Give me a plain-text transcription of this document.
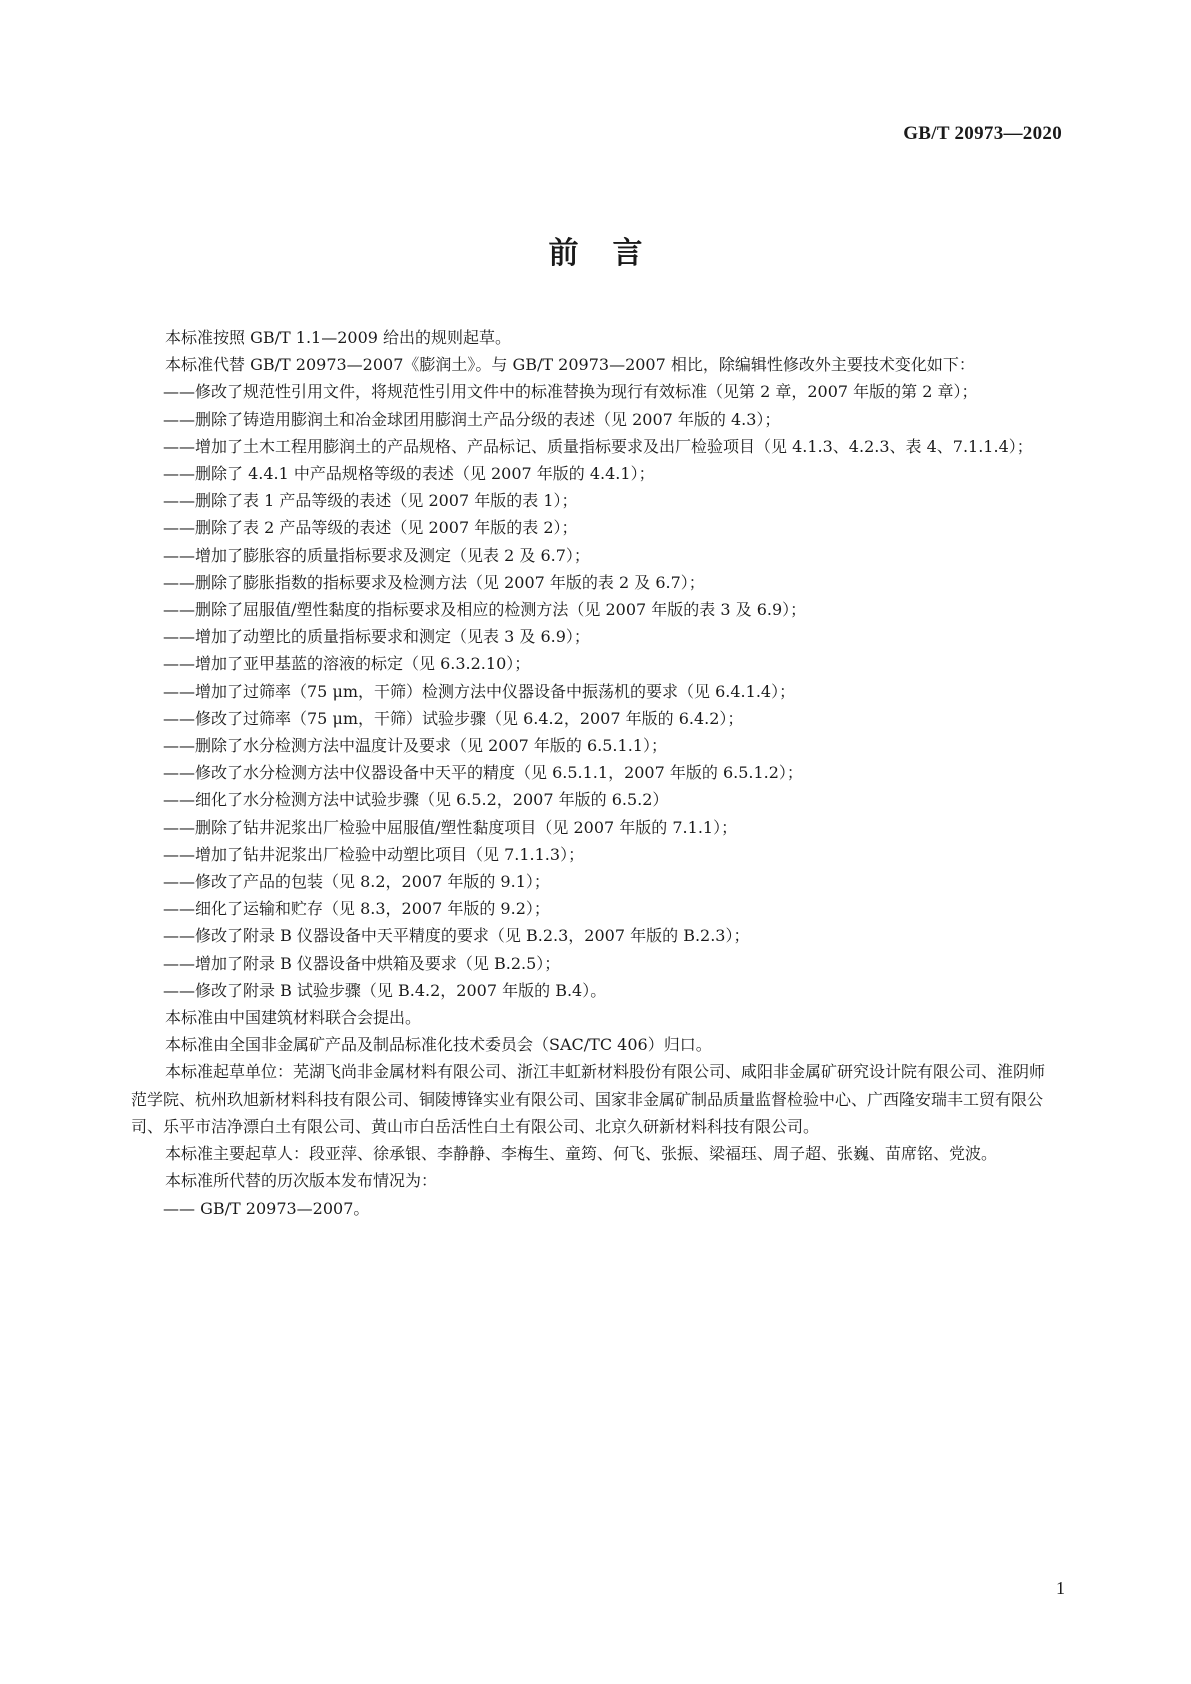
GB/T 20973—2020
前言

本标准按照 GB/T 1.1—2009 给出的规则起草。

本标准代替 GB/T 20973—2007《膨润土》。与 GB/T 20973—2007 相比，除编辑性修改外主要技术变化如下：

——修改了规范性引用文件，将规范性引用文件中的标准替换为现行有效标准（见第 2 章，2007 年版的第 2 章）；

——删除了铸造用膨润土和冶金球团用膨润土产品分级的表述（见 2007 年版的 4.3）；

——增加了土木工程用膨润土的产品规格、产品标记、质量指标要求及出厂检验项目（见 4.1.3、4.2.3、表 4、7.1.1.4）；

——删除了 4.4.1 中产品规格等级的表述（见 2007 年版的 4.4.1）；

——删除了表 1 产品等级的表述（见 2007 年版的表 1）；

——删除了表 2 产品等级的表述（见 2007 年版的表 2）；

——增加了膨胀容的质量指标要求及测定（见表 2 及 6.7）；

——删除了膨胀指数的指标要求及检测方法（见 2007 年版的表 2 及 6.7）；

——删除了屈服值/塑性黏度的指标要求及相应的检测方法（见 2007 年版的表 3 及 6.9）；

——增加了动塑比的质量指标要求和测定（见表 3 及 6.9）；

——增加了亚甲基蓝的溶液的标定（见 6.3.2.10）；

——增加了过筛率（75 μm，干筛）检测方法中仪器设备中振荡机的要求（见 6.4.1.4）；

——修改了过筛率（75 μm，干筛）试验步骤（见 6.4.2，2007 年版的 6.4.2）；

——删除了水分检测方法中温度计及要求（见 2007 年版的 6.5.1.1）；

——修改了水分检测方法中仪器设备中天平的精度（见 6.5.1.1，2007 年版的 6.5.1.2）；

——细化了水分检测方法中试验步骤（见 6.5.2，2007 年版的 6.5.2）

——删除了钻井泥浆出厂检验中屈服值/塑性黏度项目（见 2007 年版的 7.1.1）；

——增加了钻井泥浆出厂检验中动塑比项目（见 7.1.1.3）；

——修改了产品的包装（见 8.2，2007 年版的 9.1）；

——细化了运输和贮存（见 8.3，2007 年版的 9.2）；

——修改了附录 B 仪器设备中天平精度的要求（见 B.2.3，2007 年版的 B.2.3）；

——增加了附录 B 仪器设备中烘箱及要求（见 B.2.5）；

——修改了附录 B 试验步骤（见 B.4.2，2007 年版的 B.4）。

本标准由中国建筑材料联合会提出。

本标准由全国非金属矿产品及制品标准化技术委员会（SAC/TC 406）归口。

本标准起草单位：芜湖飞尚非金属材料有限公司、浙江丰虹新材料股份有限公司、咸阳非金属矿研究设计院有限公司、淮阴师范学院、杭州玖旭新材料科技有限公司、铜陵博锋实业有限公司、国家非金属矿制品质量监督检验中心、广西隆安瑞丰工贸有限公司、乐平市洁净漂白土有限公司、黄山市白岳活性白土有限公司、北京久研新材料科技有限公司。

本标准主要起草人：段亚萍、徐承银、李静静、李梅生、童筠、何飞、张振、梁福珏、周子超、张巍、苗席铭、党波。

本标准所代替的历次版本发布情况为：

—— GB/T 20973—2007。

1
